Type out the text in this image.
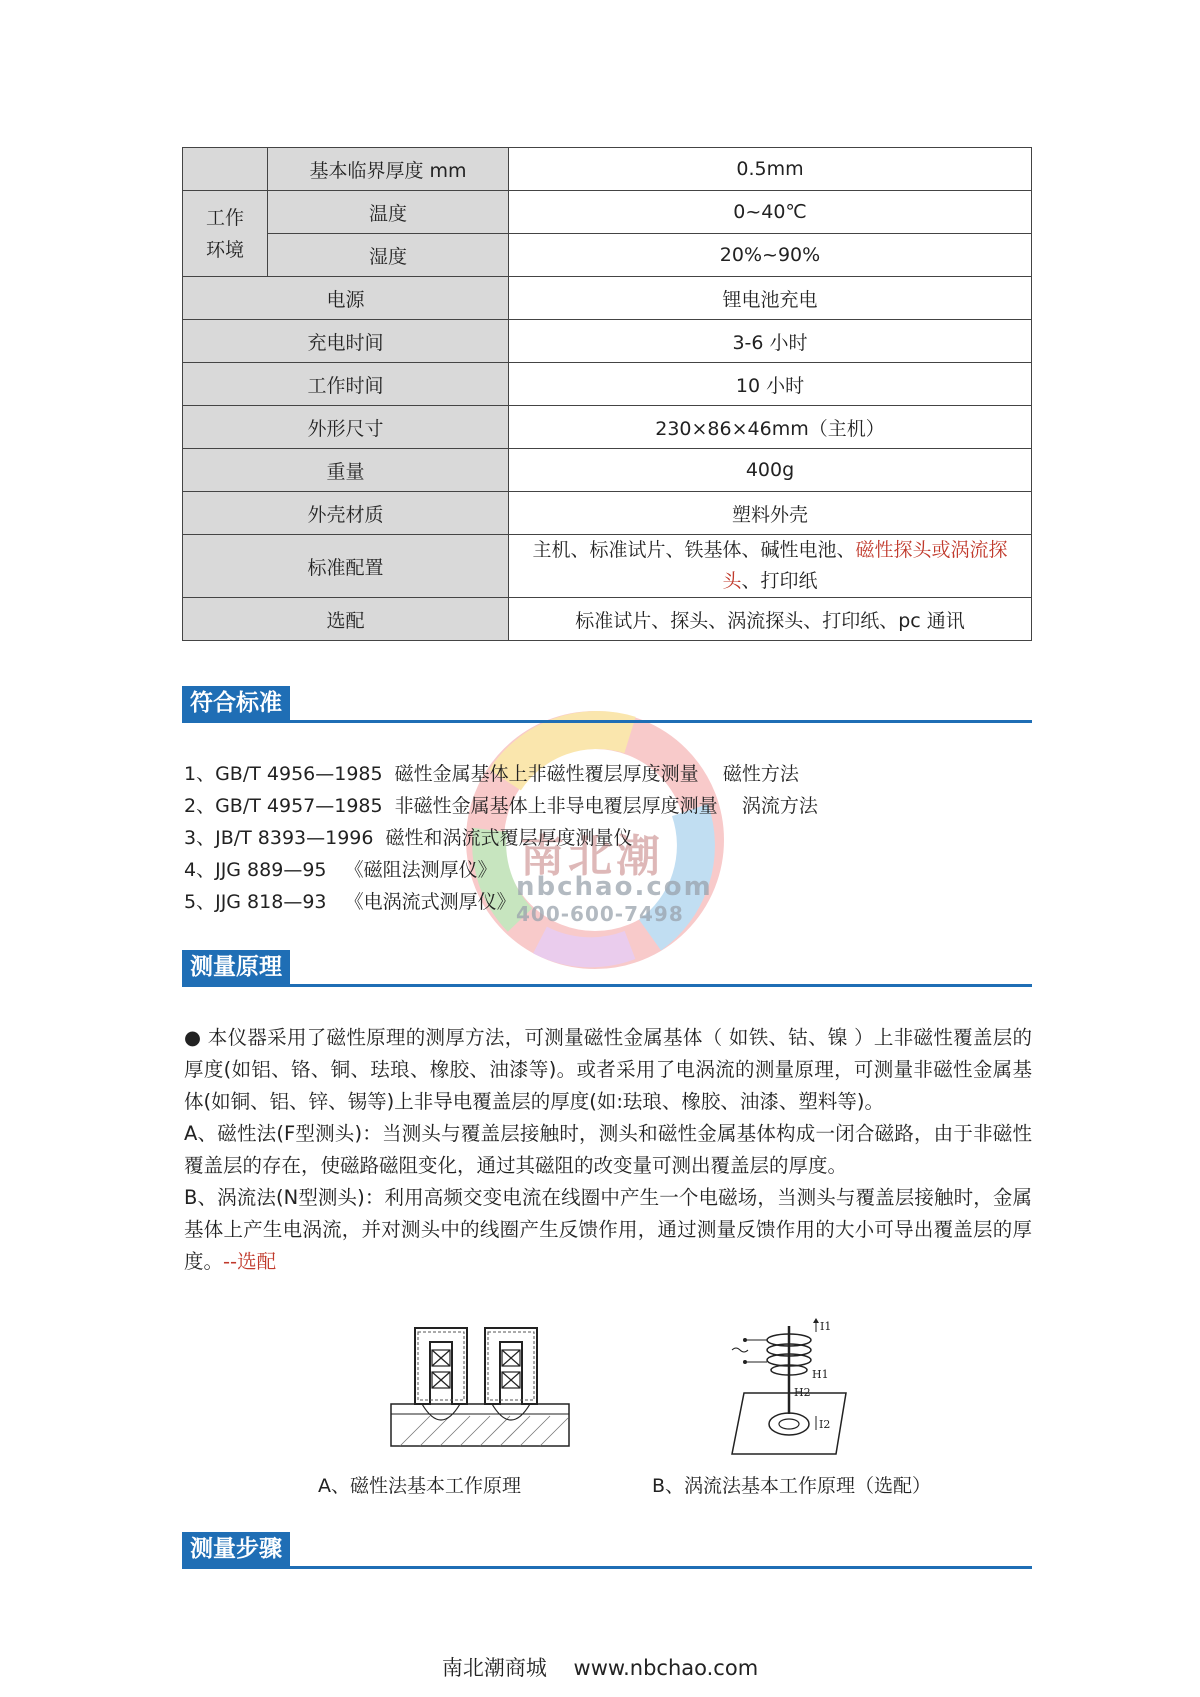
南北潮
nbchao.com
400-600-7498
	基本临界厚度 mm	0.5mm
工作
环境	温度	0~40℃
	湿度	20%~90%
电源		锂电池充电
充电时间		3-6 小时
工作时间		10 小时
外形尺寸		230×86×46mm（主机）
重量		400g
外壳材质		塑料外壳
标准配置		主机、标准试片、铁基体、碱性电池、磁性探头或涡流探头、打印纸
选配		标准试片、探头、涡流探头、打印纸、pc 通讯
符合标准
1、GB/T 4956—1985  磁性金属基体上非磁性覆层厚度测量    磁性方法
2、GB/T 4957—1985  非磁性金属基体上非导电覆层厚度测量    涡流方法
3、JB/T 8393—1996  磁性和涡流式覆层厚度测量仪
4、JJG 889—95   《磁阻法测厚仪》
5、JJG 818—93   《电涡流式测厚仪》
测量原理

● 本仪器采用了磁性原理的测厚方法，可测量磁性金属基体（ 如铁、钴、镍 ）上非磁性覆盖层的厚度(如铝、铬、铜、珐琅、橡胶、油漆等)。或者采用了电涡流的测量原理，可测量非磁性金属基体(如铜、铝、锌、锡等)上非导电覆盖层的厚度(如:珐琅、橡胶、油漆、塑料等)。

A、磁性法(F型测头)：当测头与覆盖层接触时，测头和磁性金属基体构成一闭合磁路，由于非磁性覆盖层的存在，使磁路磁阻变化，通过其磁阻的改变量可测出覆盖层的厚度。

B、涡流法(N型测头)：利用高频交变电流在线圈中产生一个电磁场，当测头与覆盖层接触时，金属基体上产生电涡流，并对测头中的线圈产生反馈作用，通过测量反馈作用的大小可导出覆盖层的厚度。--选配

A、磁性法基本工作原理
I1
H1
H2
I2
B、涡流法基本工作原理（选配）
测量步骤
南北潮商城 www.nbchao.com
